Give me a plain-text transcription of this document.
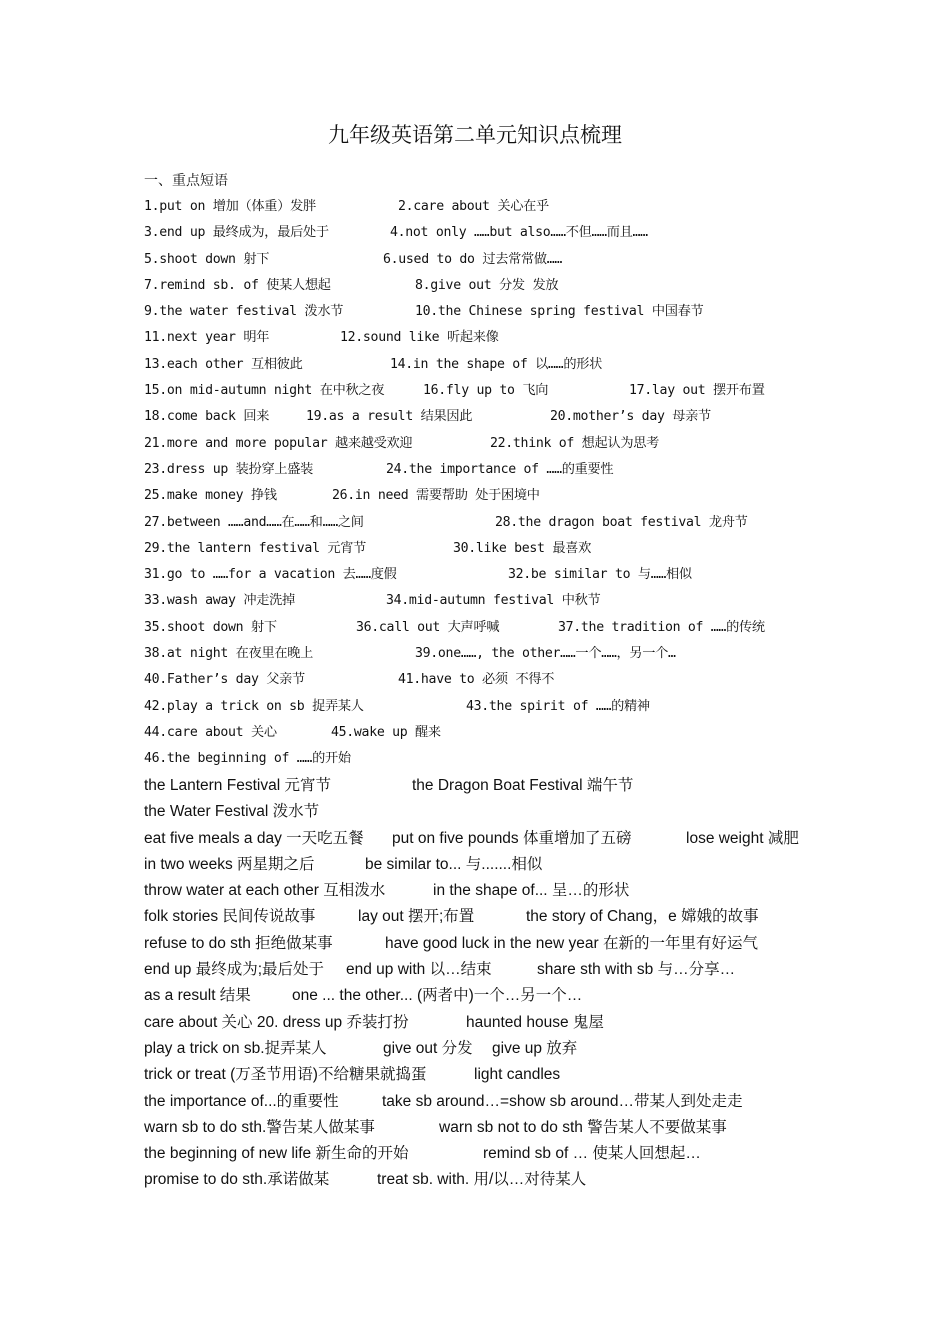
九年级英语第二单元知识点梳理
一、重点短语
1.put on 增加（体重）发胖	2.care about 关心在乎
3.end up 最终成为，最后处于	4.not only ……but also……不但……而且……
5.shoot down 射下	6.used to do 过去常常做……
7.remind sb. of 使某人想起	8.give out 分发 发放
9.the water festival 泼水节	10.the Chinese spring festival 中国春节
11.next year 明年	12.sound like 听起来像
13.each other 互相彼此	14.in the shape of 以……的形状
15.on mid-autumn night 在中秋之夜	16.fly up to 飞向	17.lay out 摆开布置
18.come back 回来	19.as a result 结果因此	20.mother’s day 母亲节
21.more and more popular 越来越受欢迎	22.think of 想起认为思考
23.dress up 装扮穿上盛装	24.the importance of ……的重要性
25.make money 挣钱	26.in need 需要帮助 处于困境中
27.between ……and……在……和……之间	28.the dragon boat festival 龙舟节
29.the lantern festival 元宵节	30.like best 最喜欢
31.go to ……for a vacation 去……度假	32.be similar to 与……相似
33.wash away 冲走洗掉	34.mid-autumn festival 中秋节
35.shoot down 射下	36.call out 大声呼喊	37.the tradition of ……的传统
38.at night 在夜里在晚上	39.one……, the other……一个……，另一个…
40.Father’s day 父亲节	41.have to 必须 不得不
42.play a trick on sb 捉弄某人	43.the spirit of ……的精神
44.care about 关心	45.wake up 醒来
46.the beginning of ……的开始
the Lantern Festival 元宵节	the Dragon Boat Festival 端午节
the Water Festival 泼水节
eat five meals a day 一天吃五餐 put on five pounds 体重增加了五磅	lose weight 减肥
in two weeks 两星期之后	be similar to... 与.......相似
throw water at each other 互相泼水	in the shape of... 呈…的形状
folk stories 民间传说故事	lay out 摆开;布置	the story of Chang，e 嫦娥的故事
refuse to do sth 拒绝做某事	have good luck in the new year 在新的一年里有好运气
end up 最终成为;最后处于 end up with 以…结束	share sth with sb 与…分享…
as a result 结果	one ... the other... (两者中)一个…另一个…
care about 关心 20. dress up 乔装打扮	haunted house 鬼屋
play a trick on sb.捉弄某人	give out 分发 give up 放弃
trick or treat (万圣节用语)不给糖果就捣蛋	light candles
the importance of...的重要性	take sb around…=show sb around…带某人到处走走
warn sb to do sth.警告某人做某事	warn sb not to do sth 警告某人不要做某事
the beginning of new life 新生命的开始	remind sb of … 使某人回想起…
promise to do sth.承诺做某	treat sb. with. 用/以…对待某人
